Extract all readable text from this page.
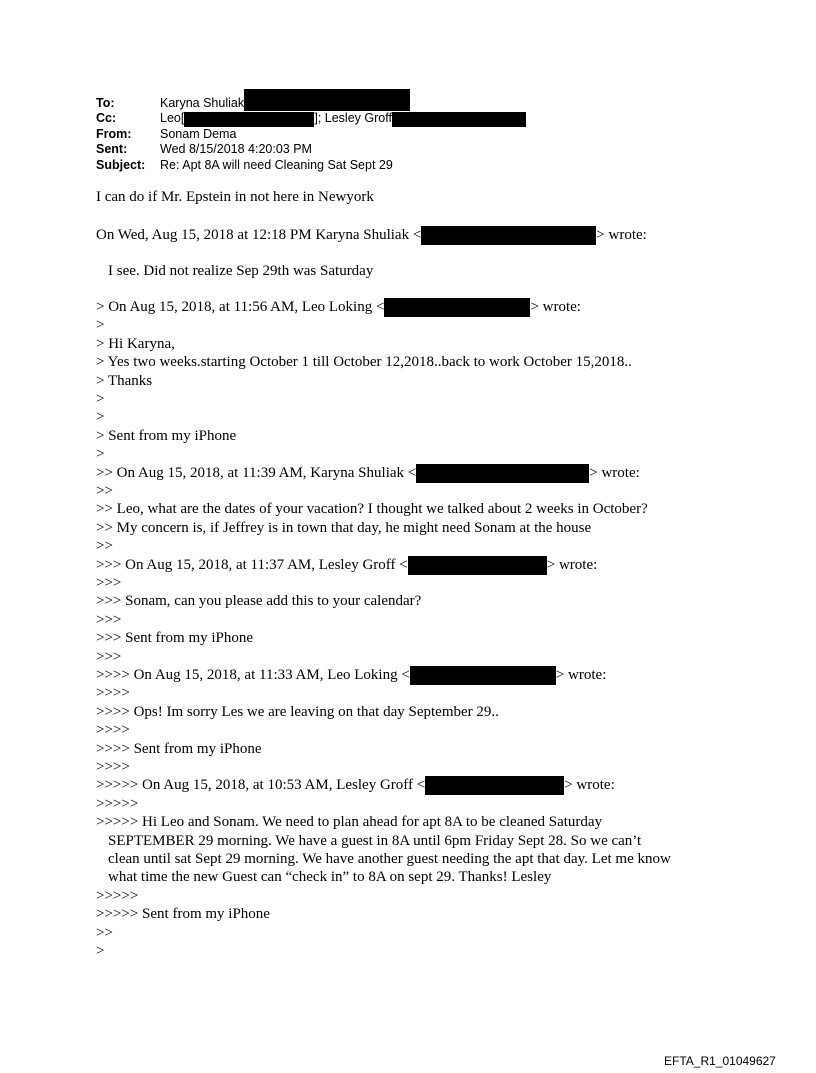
To:	Karyna Shuliak
Cc:	Leo[	]; Lesley Groff
From:	Sonam Dema
Sent:	Wed 8/15/2018 4:20:03 PM
Subject:	Re: Apt 8A will need Cleaning Sat Sept 29
I can do if Mr. Epstein in not here in Newyork
On Wed, Aug 15, 2018 at 12:18 PM Karyna Shuliak <	> wrote:
I see. Did not realize Sep 29th was Saturday
> On Aug 15, 2018, at 11:56 AM, Leo Loking <	> wrote:
>
> Hi Karyna,
> Yes two weeks.starting October 1 till October 12,2018..back to work October 15,2018..
> Thanks
>
>
> Sent from my iPhone
>
>> On Aug 15, 2018, at 11:39 AM, Karyna Shuliak <	> wrote:
>>
>> Leo, what are the dates of your vacation? I thought we talked about 2 weeks in October?
>> My concern is, if Jeffrey is in town that day, he might need Sonam at the house
>>
>>> On Aug 15, 2018, at 11:37 AM, Lesley Groff <	> wrote:
>>>
>>> Sonam, can you please add this to your calendar?
>>>
>>> Sent from my iPhone
>>>
>>>> On Aug 15, 2018, at 11:33 AM, Leo Loking <	> wrote:
>>>>
>>>> Ops! Im sorry Les we are leaving on that day September 29..
>>>>
>>>> Sent from my iPhone
>>>>
>>>>> On Aug 15, 2018, at 10:53 AM, Lesley Groff <	> wrote:
>>>>>
>>>>> Hi Leo and Sonam. We need to plan ahead for apt 8A to be cleaned Saturday
SEPTEMBER 29 morning. We have a guest in 8A until 6pm Friday Sept 28. So we can’t
clean until sat Sept 29 morning. We have another guest needing the apt that day. Let me know
what time the new Guest can “check in” to 8A on sept 29. Thanks! Lesley
>>>>>
>>>>> Sent from my iPhone
>>
>
EFTA_R1_01049627
